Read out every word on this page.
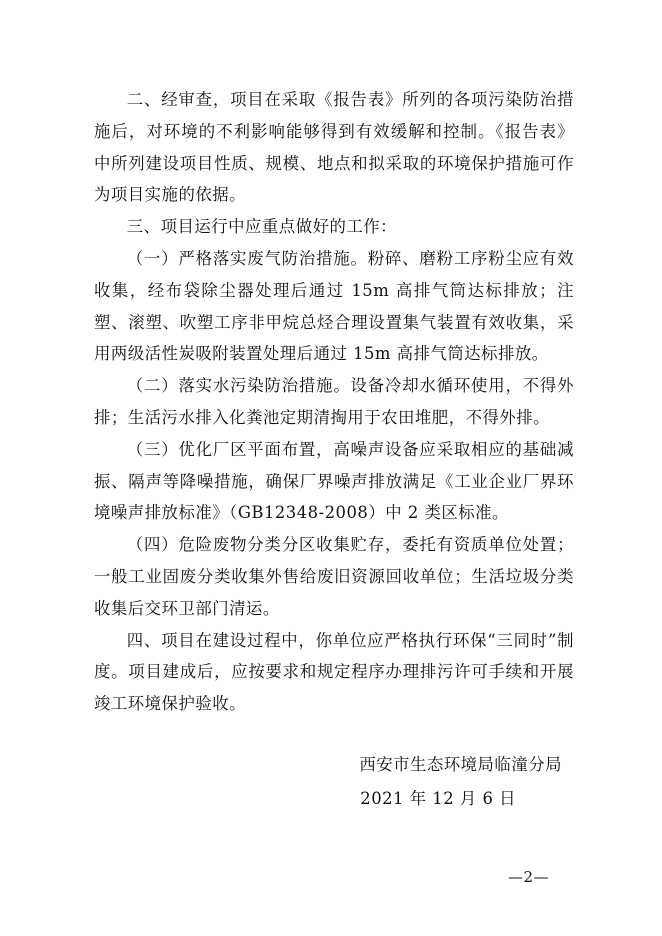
二、经审查，项目在采取《报告表》所列的各项污染防治措施后，对环境的不利影响能够得到有效缓解和控制。《报告表》中所列建设项目性质、规模、地点和拟采取的环境保护措施可作为项目实施的依据。

三、项目运行中应重点做好的工作：

（一）严格落实废气防治措施。粉碎、磨粉工序粉尘应有效收集，经布袋除尘器处理后通过 15m 高排气筒达标排放；注塑、滚塑、吹塑工序非甲烷总烃合理设置集气装置有效收集，采用两级活性炭吸附装置处理后通过 15m 高排气筒达标排放。

（二）落实水污染防治措施。设备冷却水循环使用，不得外排；生活污水排入化粪池定期清掏用于农田堆肥，不得外排。

（三）优化厂区平面布置，高噪声设备应采取相应的基础减振、隔声等降噪措施，确保厂界噪声排放满足《工业企业厂界环境噪声排放标准》（GB12348-2008）中 2 类区标准。

（四）危险废物分类分区收集贮存，委托有资质单位处置；一般工业固废分类收集外售给废旧资源回收单位；生活垃圾分类收集后交环卫部门清运。

四、项目在建设过程中，你单位应严格执行环保“三同时”制度。项目建成后，应按要求和规定程序办理排污许可手续和开展竣工环境保护验收。

西安市生态环境局临潼分局
2021 年 12 月 6 日
—2—
